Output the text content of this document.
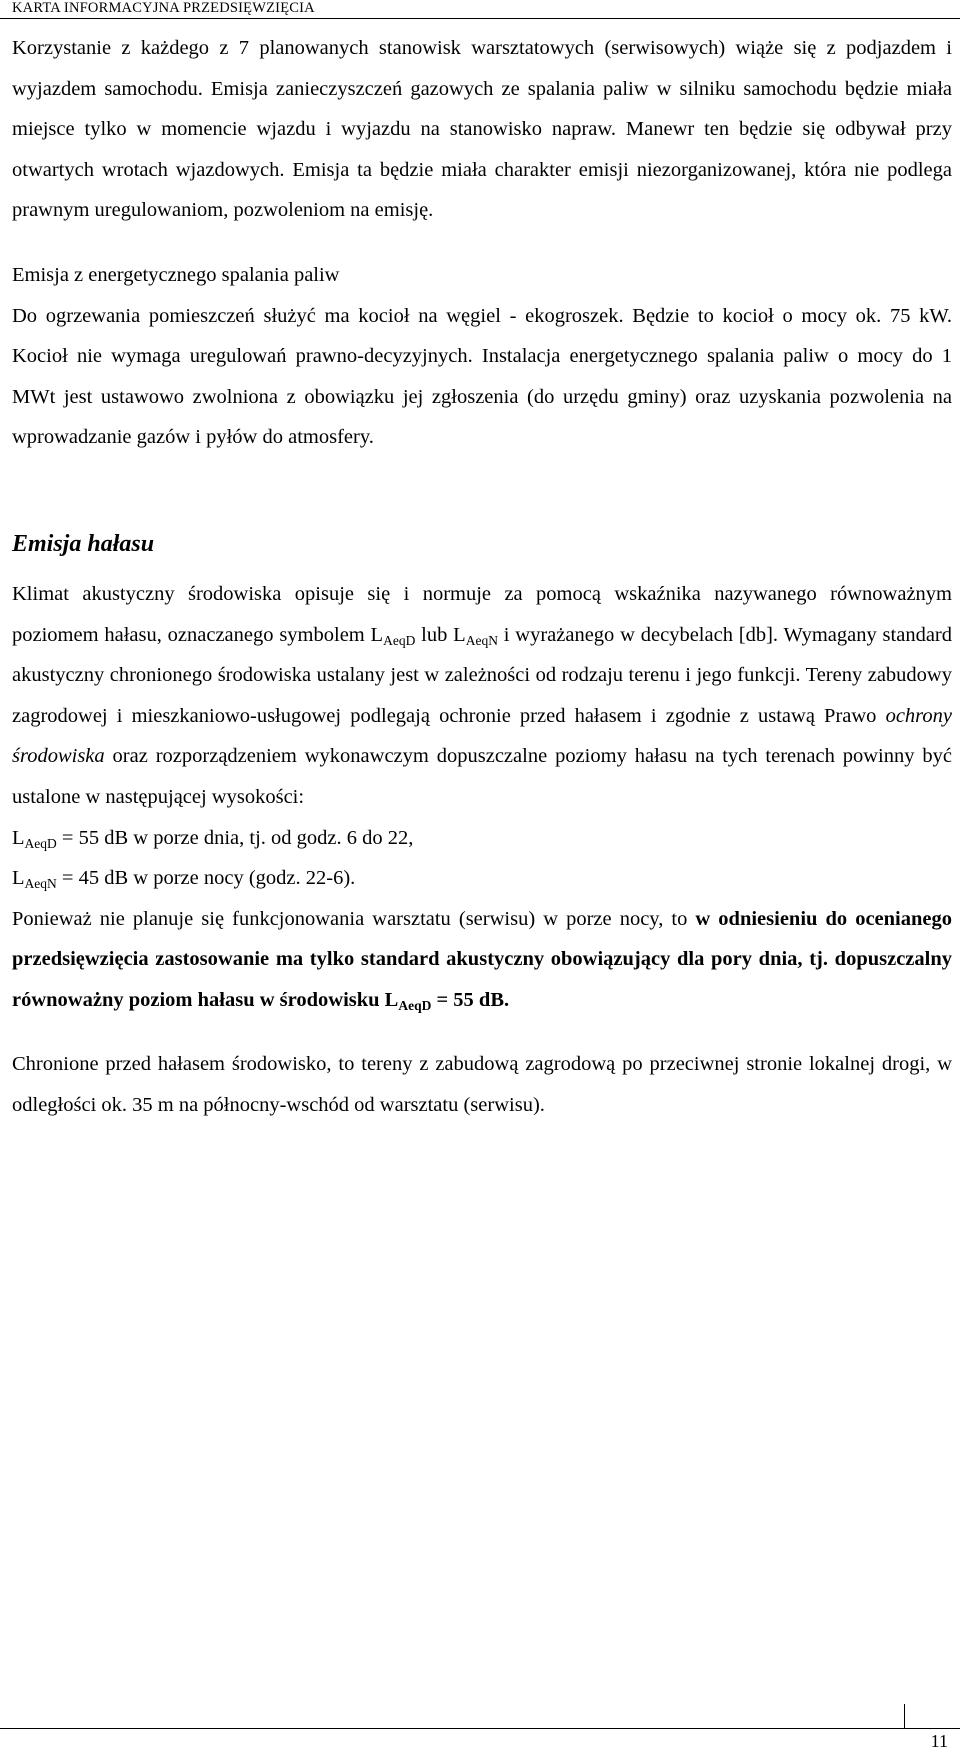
KARTA INFORMACYJNA PRZEDSIĘWZIĘCIA

Korzystanie z każdego z 7 planowanych stanowisk warsztatowych (serwisowych) wiąże się z podjazdem i wyjazdem samochodu. Emisja zanieczyszczeń gazowych ze spalania paliw w silniku samochodu będzie miała miejsce tylko w momencie wjazdu i wyjazdu na stanowisko napraw. Manewr ten będzie się odbywał przy otwartych wrotach wjazdowych. Emisja ta będzie miała charakter emisji niezorganizowanej, która nie podlega prawnym uregulowaniom, pozwoleniom na emisję.

Emisja z energetycznego spalania paliw

Do ogrzewania pomieszczeń służyć ma kocioł na węgiel - ekogroszek. Będzie to kocioł o mocy ok. 75 kW. Kocioł nie wymaga uregulowań prawno-decyzyjnych. Instalacja energetycznego spalania paliw o mocy do 1 MWt jest ustawowo zwolniona z obowiązku jej zgłoszenia (do urzędu gminy) oraz uzyskania pozwolenia na wprowadzanie gazów i pyłów do atmosfery.

Emisja hałasu

Klimat akustyczny środowiska opisuje się i normuje za pomocą wskaźnika nazywanego równoważnym poziomem hałasu, oznaczanego symbolem $L_{AeqD}$ lub $L_{AeqN}$ i wyrażanego w decybelach [db]. Wymagany standard akustyczny chronionego środowiska ustalany jest w zależności od rodzaju terenu i jego funkcji. Tereny zabudowy zagrodowej i mieszkaniowo-usługowej podlegają ochronie przed hałasem i zgodnie z ustawą Prawo ochrony środowiska oraz rozporządzeniem wykonawczym dopuszczalne poziomy hałasu na tych terenach powinny być ustalone w następującej wysokości:

$L_{AeqD} = 55$ dB w porze dnia, tj. od godz. 6 do 22,

$L_{AeqN} = 45$ dB w porze nocy (godz. 22-6).

Ponieważ nie planuje się funkcjonowania warsztatu (serwisu) w porze nocy, to w odniesieniu do ocenianego przedsięwzięcia zastosowanie ma tylko standard akustyczny obowiązujący dla pory dnia, tj. dopuszczalny równoważny poziom hałasu w środowisku $L_{AeqD} = 55$ dB.

Chronione przed hałasem środowisko, to tereny z zabudową zagrodową po przeciwnej stronie lokalnej drogi, w odległości ok. 35 m na północny-wschód od warsztatu (serwisu).

11
